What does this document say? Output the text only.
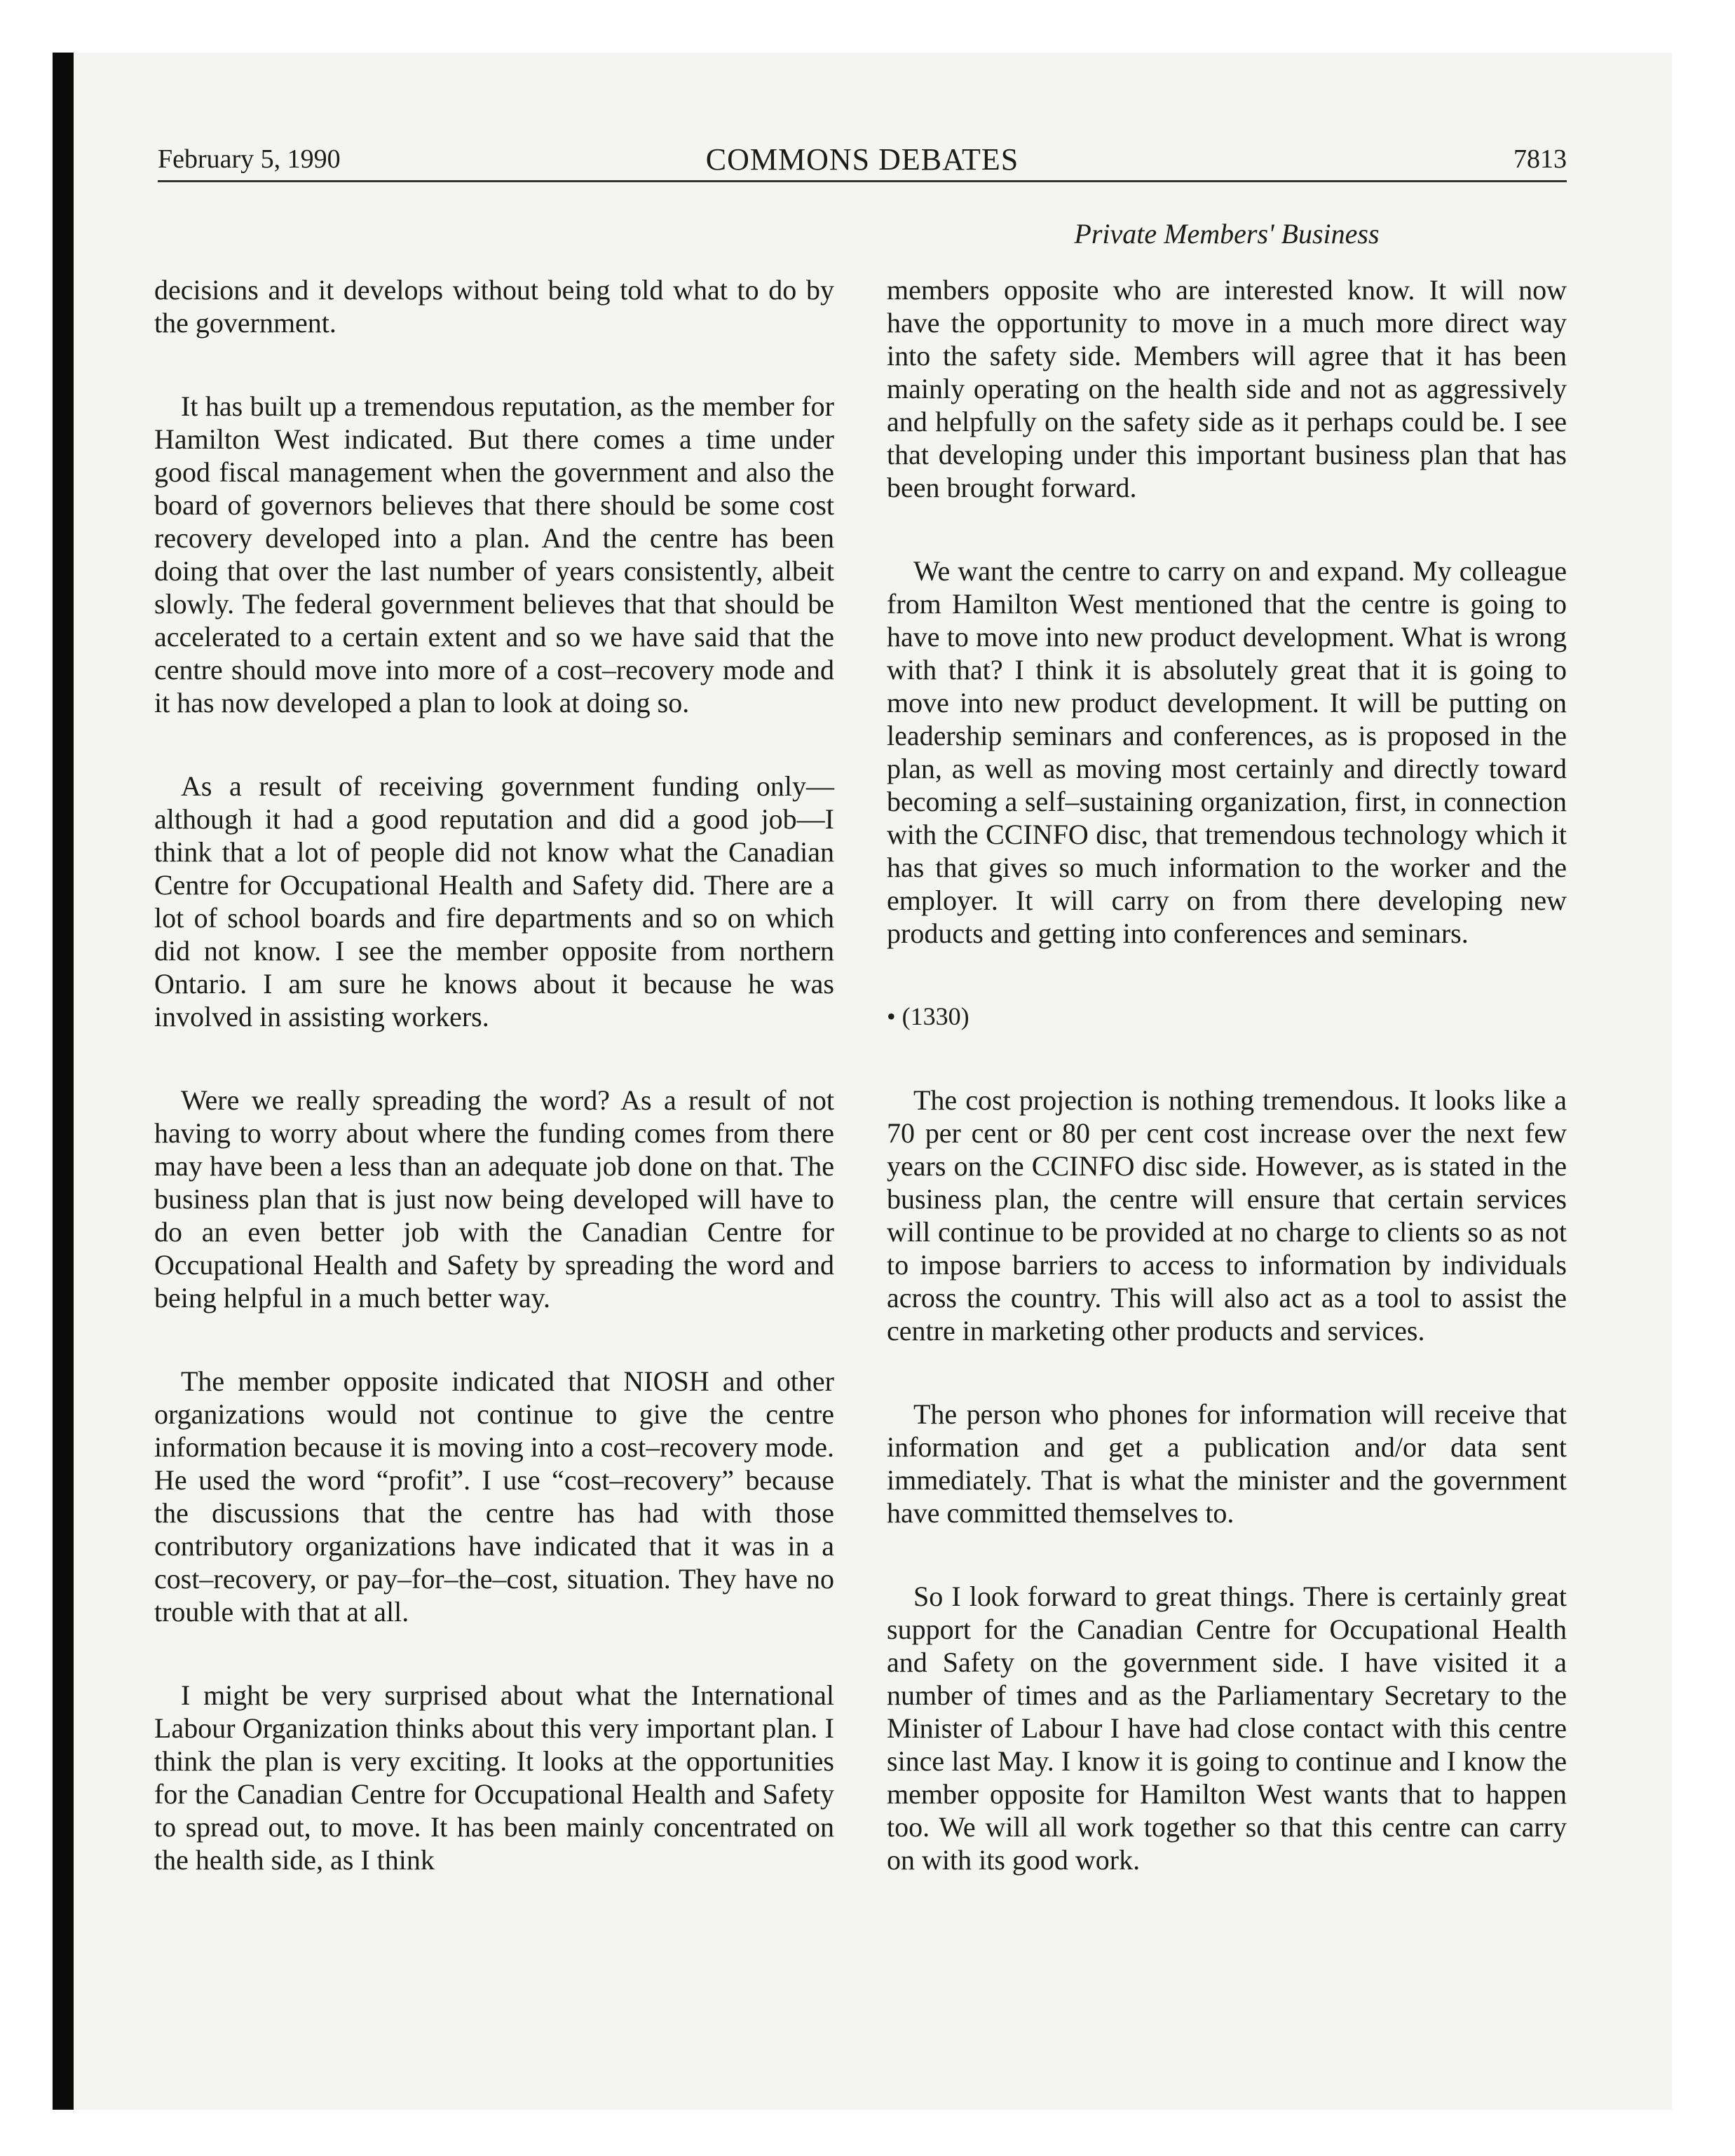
February 5, 1990	COMMONS DEBATES	7813
Private Members' Business

decisions and it develops without being told what to do by the government.

It has built up a tremendous reputation, as the member for Hamilton West indicated. But there comes a time under good fiscal management when the government and also the board of governors believes that there should be some cost recovery developed into a plan. And the centre has been doing that over the last number of years consistently, albeit slowly. The federal government believes that that should be accelerated to a certain extent and so we have said that the centre should move into more of a cost–recovery mode and it has now developed a plan to look at doing so.

As a result of receiving government funding only—although it had a good reputation and did a good job—I think that a lot of people did not know what the Canadian Centre for Occupational Health and Safety did. There are a lot of school boards and fire departments and so on which did not know. I see the member opposite from northern Ontario. I am sure he knows about it because he was involved in assisting workers.

Were we really spreading the word? As a result of not having to worry about where the funding comes from there may have been a less than an adequate job done on that. The business plan that is just now being developed will have to do an even better job with the Canadian Centre for Occupational Health and Safety by spreading the word and being helpful in a much better way.

The member opposite indicated that NIOSH and other organizations would not continue to give the centre information because it is moving into a cost–recovery mode. He used the word “profit”. I use “cost–recovery” because the discussions that the centre has had with those contributory organizations have indicated that it was in a cost–recovery, or pay–for–the–cost, situation. They have no trouble with that at all.

I might be very surprised about what the International Labour Organization thinks about this very important plan. I think the plan is very exciting. It looks at the opportunities for the Canadian Centre for Occupational Health and Safety to spread out, to move. It has been mainly concentrated on the health side, as I think

members opposite who are interested know. It will now have the opportunity to move in a much more direct way into the safety side. Members will agree that it has been mainly operating on the health side and not as aggressively and helpfully on the safety side as it perhaps could be. I see that developing under this important business plan that has been brought forward.

We want the centre to carry on and expand. My colleague from Hamilton West mentioned that the centre is going to have to move into new product development. What is wrong with that? I think it is absolutely great that it is going to move into new product development. It will be putting on leadership seminars and conferences, as is proposed in the plan, as well as moving most certainly and directly toward becoming a self–sustaining organization, first, in connection with the CCINFO disc, that tremendous technology which it has that gives so much information to the worker and the employer. It will carry on from there developing new products and getting into conferences and seminars.

• (1330)

The cost projection is nothing tremendous. It looks like a 70 per cent or 80 per cent cost increase over the next few years on the CCINFO disc side. However, as is stated in the business plan, the centre will ensure that certain services will continue to be provided at no charge to clients so as not to impose barriers to access to information by individuals across the country. This will also act as a tool to assist the centre in marketing other products and services.

The person who phones for information will receive that information and get a publication and/or data sent immediately. That is what the minister and the government have committed themselves to.

So I look forward to great things. There is certainly great support for the Canadian Centre for Occupational Health and Safety on the government side. I have visited it a number of times and as the Parliamentary Secretary to the Minister of Labour I have had close contact with this centre since last May. I know it is going to continue and I know the member opposite for Hamilton West wants that to happen too. We will all work together so that this centre can carry on with its good work.
